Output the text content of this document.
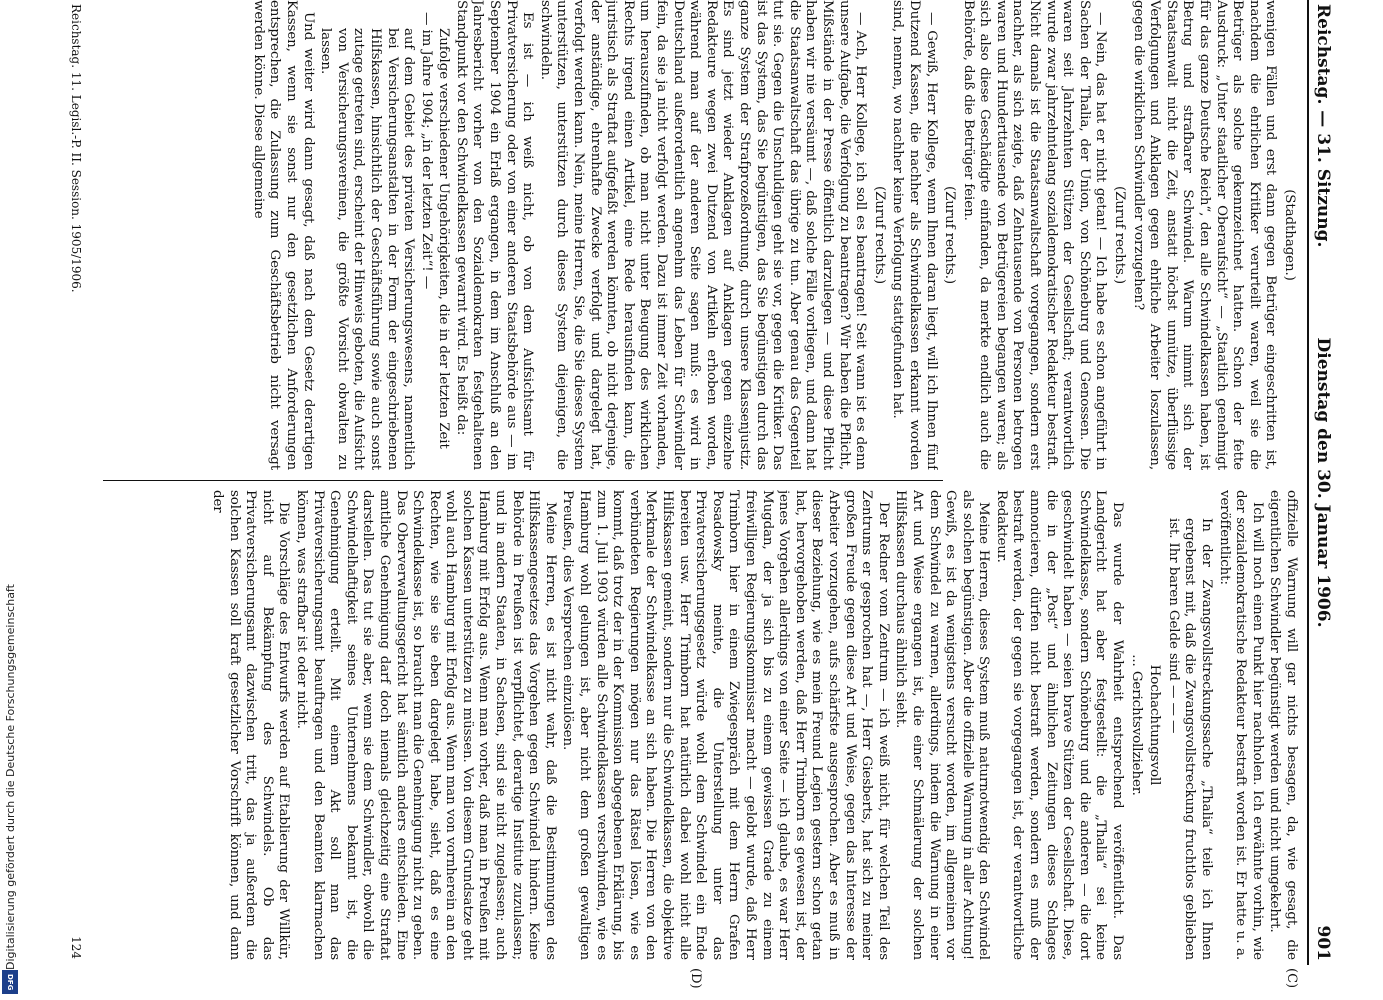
Digitalisierung gefördert durch die Deutsche Forschungsgemeinschaft
DFG
Reichstag. — 31. Sitzung.
Dienstag den 30. Januar 1906.
901
(C)
(D)

(Stadthagen.)

wenigen Fällen und erst dann gegen Betrüger eingeschritten ist, nachdem die ehrlichen Kritiker verurteilt waren, weil sie die Betrüger als solche gekennzeichnet hatten. Schon der fette Ausdruck: „Unter staatlicher Oberaufsicht“ — „Staatlich genehmigt für das ganze Deutsche Reich“, den alle Schwindelkassen haben, ist Betrug und strafbarer Schwindel. Warum nimmt sich der Staatsanwalt nicht die Zeit, anstatt höchst unnütze, überflüssige Verfolgungen und Anklagen gegen ehrliche Arbeiter loszulassen, gegen die wirklichen Schwindler vorzugehen?

(Zuruf rechts.)

— Nein, das hat er nicht getan! — Ich habe es schon angeführt in Sachen der Thalia, der Union, von Schöneburg und Genossen. Die waren seit Jahrzehnten Stützen der Gesellschaft; verantwortlich wurde zwar jahrzehntelang sozialdemokratischer Redakteur bestraft. Nicht damals ist die Staatsanwaltschaft vorgegangen, sondern erst nachher, als sich zeigte, daß Zehntausende von Personen betrogen waren und Hunderttausende von Betrügereien begangen waren; als sich also diese Geschädigte einfanden, da merkte endlich auch die Behörde, daß die Betrüger feien.

(Zuruf rechts.)

— Gewiß, Herr Kollege, wenn Ihnen daran liegt, will ich Ihnen fünf Dutzend Kassen, die nachher als Schwindelkassen erkannt worden sind, nennen, wo nachher keine Verfolgung stattgefunden hat.

(Zuruf rechts.)

— Ach, Herr Kollege, ich soll es beantragen! Seit wann ist es denn unsere Aufgabe, die Verfolgung zu beantragen? Wir haben die Pflicht, Mißstände in der Presse öffentlich darzulegen — und diese Pflicht haben wir nie versäumt —, daß solche Fälle vorliegen, und dann hat die Staatsanwaltschaft das übrige zu tun. Aber genau das Gegenteil tut sie. Gegen die Unschuldigen geht sie vor, gegen die Kritiker. Das ist das System, das Sie begünstigen, das Sie begünstigen durch das ganze System der Strafprozeßordnung, durch unsere Klassenjustiz. Es sind jetzt wieder Anklagen auf Anklagen gegen einzelne Redakteure wegen zwei Dutzend von Artikeln erhoben worden, während man auf der anderen Seite sagen muß: es wird in Deutschland außerordentlich angenehm das Leben für Schwindler fein, da sie ja nicht verfolgt werden. Dazu ist immer Zeit vorhanden, um herauszufinden, ob man nicht unter Beugung des wirklichen Rechts irgend einen Artikel, eine Rede herausfinden kann, die juristisch als Straftat aufgefaßt werden könnten, ob nicht derjenige, der anständige, ehrenhafte Zwecke verfolgt und dargelegt hat, verfolgt werden kann. Nein, meine Herren, Sie, die Sie dieses System unterstützen, unterstützen durch dieses System diejenigen, die schwindeln.

Es ist — ich weiß nicht, ob von dem Aufsichtsamt für Privatversicherung oder von einer anderen Staatsbehörde aus — im September 1904 ein Erlaß ergangen, in dem im Anschluß an den Jahresbericht vorher von den Sozialdemokraten festgehaltenen Standpunkt vor den Schwindelkassen gewarnt wird. Es heißt da:

Zufolge verschiedener Ungehörigkeiten, die in der letzten Zeit

— im Jahre 1904; „in der letzten Zeit“! —

auf dem Gebiet des privaten Versicherungswesens, namentlich bei Versicherungsanstalten in der Form der eingeschriebenen Hilfskassen, hinsichtlich der Geschäftsführung sowie auch sonst zutage getreten sind, erscheint der Hinweis geboten, die Aufsicht von Versicherungsvereinen, die größte Vorsicht obwalten zu lassen.

Und weiter wird dann gesagt, daß nach dem Gesetz derartigen Kassen, wenn sie sonst nur den gesetzlichen Anforderungen entsprechen, die Zulassung zum Geschäftsbetrieb nicht versagt werden könne. Diese allgemeine

offizielle Warnung will gar nichts besagen, da, wie gesagt, die eigentlichen Schwindler begünstigt werden und nicht umgekehrt.

Ich will noch einen Punkt hier nachholen. Ich erwähnte vorhin, wie der sozialdemokratische Redakteur bestraft worden ist. Er hatte u. a. veröffentlicht:

In der Zwangsvollstreckungssache „Thalia“ teile ich Ihnen ergebenst mit, daß die Zwangsvollstreckung fruchtlos geblieben ist. Ihr baren Gelde sind — — —

Hochachtungsvoll

... Gerichtsvollzieher.

Das wurde der Wahrheit entsprechend veröffentlicht. Das Landgericht hat aber festgestellt: die „Thalia“ sei keine Schwindelkasse, sondern Schöneburg und die anderen — die dort geschwindelt haben — seien brave Stützen der Gesellschaft. Diese, die in der „Post“ und ähnlichen Zeitungen dieses Schlages annoncieren, dürfen nicht bestraft werden, sondern es muß der bestraft werden, der gegen sie vorgegangen ist, der verantwortliche Redakteur.

Meine Herren, dieses System muß naturnotwendig den Schwindel als solchen begünstigen. Aber die offizielle Warnung in aller Achtung! Gewiß, es ist da wenigstens versucht worden, im allgemeinen vor dem Schwindel zu warnen, allerdings, indem die Warnung in einer Art und Weise ergangen ist, die einer Schmälerung der solchen Hilfskassen durchaus ähnlich sieht.

Der Redner vom Zentrum — ich weiß nicht, für welchen Teil des Zentrums er gesprochen hat —, Herr Giesberts, hat sich zu meiner großen Freude gegen diese Art und Weise, gegen das Interesse der Arbeiter vorzugehen, aufs schärfste ausgesprochen. Aber es muß in dieser Beziehung, wie es mein Freund Legien gestern schon getan hat, hervorgehoben werden, daß Herr Trimborn es gewesen ist, der jenes Vorgehen allerdings von einer Seite — ich glaube, es war Herr Mugdan, der ja sich bis zu einem gewissen Grade zu einem freiwilligen Regierungskommissar macht — gelobt wurde, daß Herr Trimborn hier in einem Zwiegespräch mit dem Herrn Grafen Posadowsky meinte, die Unterstellung unter das Privatversicherungsgesetz würde wohl dem Schwindel ein Ende bereiten usw. Herr Trimborn hat natürlich dabei wohl nicht alle Hilfskassen gemeint, sondern nur die Schwindelkassen, die objektive Merkmale der Schwindelkasse an sich haben. Die Herren von den verbündeten Regierungen mögen nur das Rätsel lösen, wie es kommt, daß trotz der in der Kommission abgegebenen Erklärung, bis zum 1. Juli 1903 würden alle Schwindelkassen verschwinden, wie es Hamburg wohl gelungen ist, aber nicht dem großen gewaltigen Preußen, dies Versprechen einzulösen.

Meine Herren, es ist nicht wahr, daß die Bestimmungen des Hilfskassengesetzes das Vorgehen gegen Schwindel hindern. Keine Behörde in Preußen ist verpflichtet, derartige Institute zuzulassen; und in andern Staaten, in Sachsen, sind sie nicht zugelassen; auch Hamburg mit Erfolg aus. Wenn man vorher, daß man in Preußen mit solchen Kassen unterstützen zu müssen. Von diesem Grundsatze geht wohl auch Hamburg mit Erfolg aus. Wenn man von vornherein an den Rechten, wie sie sie eben dargelegt habe, sieht, daß es eine Schwindelkasse ist, so braucht man die Genehmigung nicht zu geben. Das Oberverwaltungsgericht hat sämtlich anders entschieden. Eine amtliche Genehmigung darf doch niemals gleichzeitig eine Straftat darstellen. Das tut sie aber, wenn sie dem Schwindler, obwohl die Schwindelhaftigkeit seines Unternehmens bekannt ist, die Genehmigung erteilt. Mit einem Akt soll man das Privatversicherungsamt beauftragen und den Beamten klarmachen können, was strafbar ist oder nicht.

Die Vorschläge des Entwurfs werden auf Etablierung der Willkür, nicht auf Bekämpfung des Schwindels. Ob das Privatversicherungsamt dazwischen tritt, das ja außerdem die solchen Kassen soll kraft gesetzlicher Vorschrift können, und dann der

Reichstag. 11. Legisl.-P. II. Session. 1905/1906.
124
